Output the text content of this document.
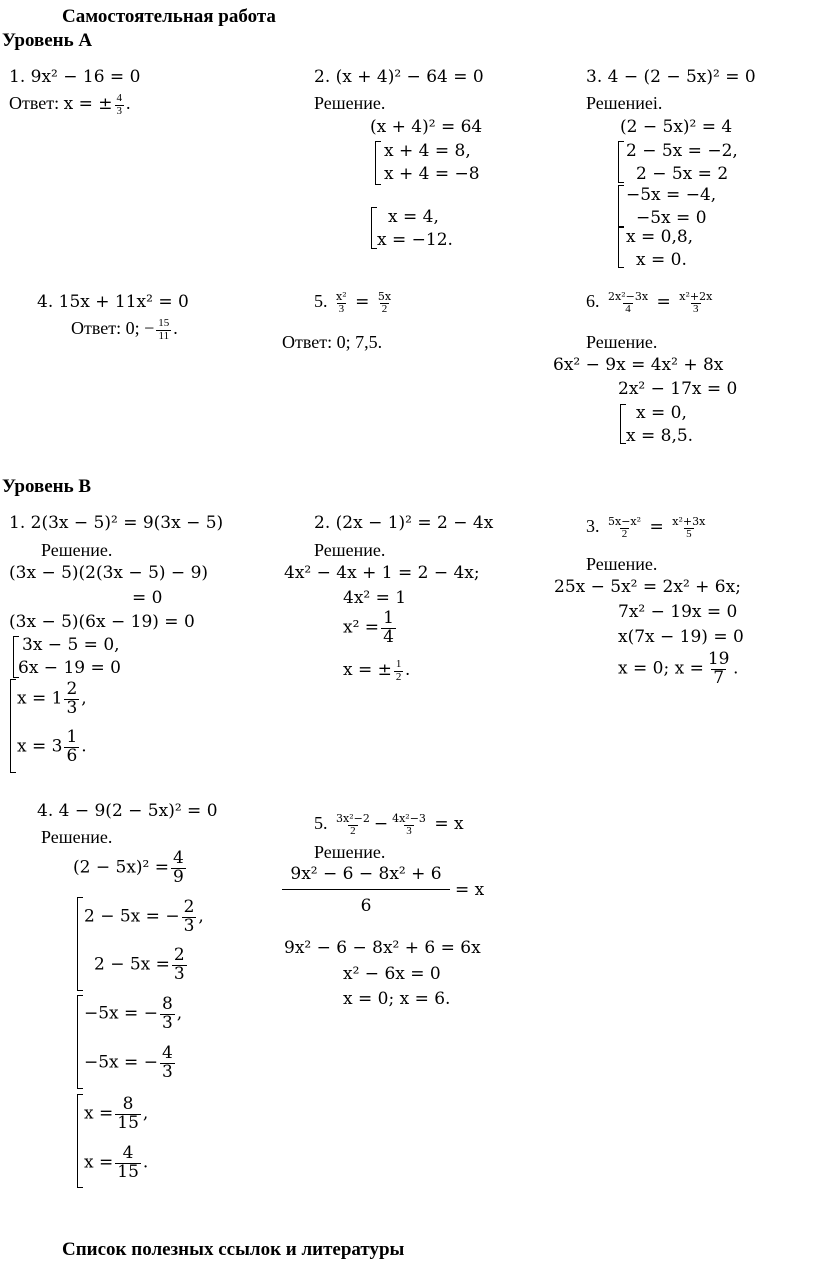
Самостоятельная работа
Уровень А
1. 9x² − 16 = 0
Ответ: x = ± $\frac{4}{3}$ .
2. (x + 4)² − 64 = 0
Решение.
(x + 4)² = 64
x + 4 = 8,
x + 4 = −8
x = 4,
x = −12.
3. 4 − (2 − 5x)² = 0
Решениеі.
(2 − 5x)² = 4
2 − 5x = −2,
2 − 5x = 2
−5x = −4,
−5x = 0
x = 0,8,
x = 0.
4. 15x + 11x² = 0
Ответ: 0; − $\frac{15}{11}$ .
5. $\frac{\text{x²}}{3} = \frac{5x}{2}$
Ответ: 0; 7,5.
6. $\frac{\text{2x²−3x}}{4} = \frac{\text{x²+2x}}{3}$
Решение.
6x² − 9x = 4x² + 8x
2x² − 17x = 0
x = 0,
x = 8,5.
Уровень В
1. 2(3x − 5)² = 9(3x − 5)
Решение.
(3x − 5)(2(3x − 5) − 9)
= 0
(3x − 5)(6x − 19) = 0
3x − 5 = 0,
6x − 19 = 0
$x = 1 \frac{2}{3}$ ,
$x = 3 \frac{1}{6}$ .
2. (2x − 1)² = 2 − 4x
Решение.
4x² − 4x + 1 = 2 − 4x;
4x² = 1
$x^2 = \frac{1}{4}$
x = ± $\frac{1}{2}$ .
3. $\frac{\text{5x−x²}}{2} = \frac{\text{x²+3x}}{5}$
Решение.
25x − 5x² = 2x² + 6x;
7x² − 19x = 0
x(7x − 19) = 0
x = 0; $x = \frac{19}{7}$ .
4. 4 − 9(2 − 5x)² = 0
Решение.
$(2 - 5x)^2 = \frac{4}{9}$
2 − 5x = − $\frac{2}{3}$ ,
$2 - 5x = \frac{2}{3}$
−5x = − $\frac{8}{3}$ ,
−5x = − $\frac{4}{3}$
$x = \frac{8}{15}$ ,
$x = \frac{4}{15}$ .
5. $\frac{\text{3x²−2}}{2} - \frac{\text{4x²−3}}{3} = x$
Решение.
9x² − 6 − 8x² + 6
6
= x
9x² − 6 − 8x² + 6 = 6x
x² − 6x = 0
x = 0; x = 6.
Список полезных ссылок и литературы
